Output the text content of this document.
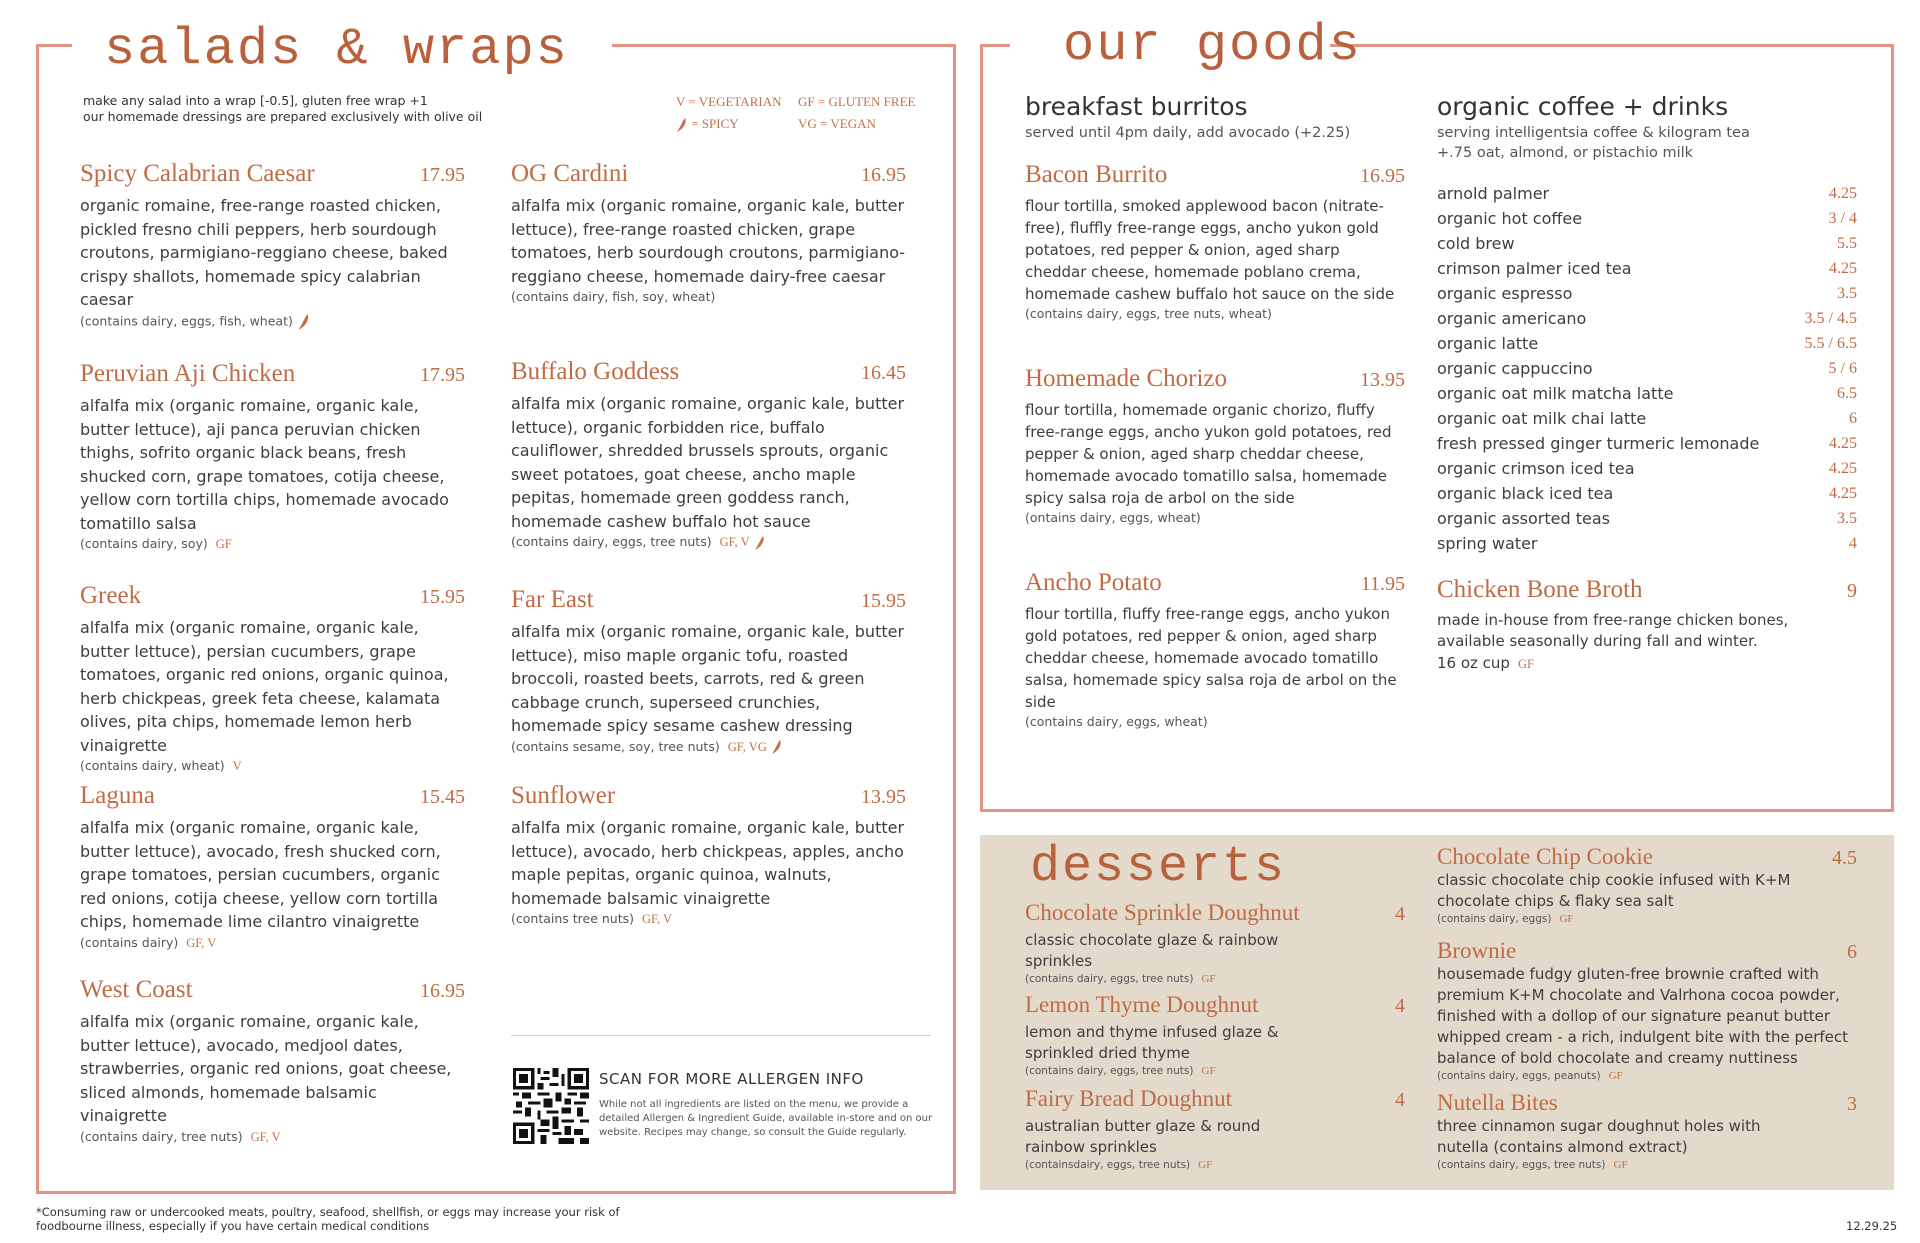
salads & wraps
make any salad into a wrap [-0.5], gluten free wrap +1
our homemade dressings are prepared exclusively with olive oil
V = VEGETARIAN GF = GLUTEN FREE
= SPICY	VG = VEGAN
Spicy Calabrian Caesar	17.95
organic romaine, free-range roasted chicken, pickled fresno chili peppers, herb sourdough croutons, parmigiano-reggiano cheese, baked crispy shallots, homemade spicy calabrian caesar
(contains dairy, eggs, fish, wheat)
Peruvian Aji Chicken	17.95
alfalfa mix (organic romaine, organic kale, butter lettuce), aji panca peruvian chicken thighs, sofrito organic black beans, fresh shucked corn, grape tomatoes, cotija cheese, yellow corn tortilla chips, homemade avocado tomatillo salsa
(contains dairy, soy) GF
Greek	15.95
alfalfa mix (organic romaine, organic kale, butter lettuce), persian cucumbers, grape tomatoes, organic red onions, organic quinoa, herb chickpeas, greek feta cheese, kalamata olives, pita chips, homemade lemon herb vinaigrette
(contains dairy, wheat) V
Laguna	15.45
alfalfa mix (organic romaine, organic kale, butter lettuce), avocado, fresh shucked corn, grape tomatoes, persian cucumbers, organic red onions, cotija cheese, yellow corn tortilla chips, homemade lime cilantro vinaigrette
(contains dairy) GF, V
West Coast	16.95
alfalfa mix (organic romaine, organic kale, butter lettuce), avocado, medjool dates, strawberries, organic red onions, goat cheese, sliced almonds, homemade balsamic vinaigrette
(contains dairy, tree nuts) GF, V
OG Cardini	16.95
alfalfa mix (organic romaine, organic kale, butter lettuce), free-range roasted chicken, grape tomatoes, herb sourdough croutons, parmigiano-reggiano cheese, homemade dairy-free caesar
(contains dairy, fish, soy, wheat)
Buffalo Goddess	16.45
alfalfa mix (organic romaine, organic kale, butter lettuce), organic forbidden rice, buffalo cauliflower, shredded brussels sprouts, organic sweet potatoes, goat cheese, ancho maple pepitas, homemade green goddess ranch, homemade cashew buffalo hot sauce
(contains dairy, eggs, tree nuts) GF, V
Far East	15.95
alfalfa mix (organic romaine, organic kale, butter lettuce), miso maple organic tofu, roasted broccoli, roasted beets, carrots, red & green cabbage crunch, superseed crunchies, homemade spicy sesame cashew dressing
(contains sesame, soy, tree nuts) GF, VG
Sunflower	13.95
alfalfa mix (organic romaine, organic kale, butter lettuce), avocado, herb chickpeas, apples, ancho maple pepitas, organic quinoa, walnuts, homemade balsamic vinaigrette
(contains tree nuts) GF, V
SCAN FOR MORE ALLERGEN INFO
While not all ingredients are listed on the menu, we provide a detailed Allergen & Ingredient Guide, available in-store and on our website. Recipes may change, so consult the Guide regularly.
our goods
breakfast burritos
served until 4pm daily, add avocado (+2.25)
Bacon Burrito	16.95
flour tortilla, smoked applewood bacon (nitrate-free), fluffly free-range eggs, ancho yukon gold potatoes, red pepper & onion, aged sharp cheddar cheese, homemade poblano crema, homemade cashew buffalo hot sauce on the side
(contains dairy, eggs, tree nuts, wheat)
Homemade Chorizo	13.95
flour tortilla, homemade organic chorizo, fluffy free-range eggs, ancho yukon gold potatoes, red pepper & onion, aged sharp cheddar cheese, homemade avocado tomatillo salsa, homemade spicy salsa roja de arbol on the side
(ontains dairy, eggs, wheat)
Ancho Potato	11.95
flour tortilla, fluffy free-range eggs, ancho yukon gold potatoes, red pepper & onion, aged sharp cheddar cheese, homemade avocado tomatillo salsa, homemade spicy salsa roja de arbol on the side
(contains dairy, eggs, wheat)
organic coffee + drinks
serving intelligentsia coffee & kilogram tea
+.75 oat, almond, or pistachio milk
arnold palmer	4.25
organic hot coffee	3 / 4
cold brew	5.5
crimson palmer iced tea	4.25
organic espresso	3.5
organic americano	3.5 / 4.5
organic latte	5.5 / 6.5
organic cappuccino	5 / 6
organic oat milk matcha latte	6.5
organic oat milk chai latte	6
fresh pressed ginger turmeric lemonade	4.25
organic crimson iced tea	4.25
organic black iced tea	4.25
organic assorted teas	3.5
spring water	4
Chicken Bone Broth	9
made in-house from free-range chicken bones, available seasonally during fall and winter.
16 oz cup GF
desserts
Chocolate Sprinkle Doughnut	4
classic chocolate glaze & rainbow sprinkles
(contains dairy, eggs, tree nuts) GF
Lemon Thyme Doughnut	4
lemon and thyme infused glaze & sprinkled dried thyme
(contains dairy, eggs, tree nuts) GF
Fairy Bread Doughnut	4
australian butter glaze & round rainbow sprinkles
(containsdairy, eggs, tree nuts) GF
Chocolate Chip Cookie	4.5
classic chocolate chip cookie infused with K+M chocolate chips & flaky sea salt
(contains dairy, eggs) GF
Brownie	6
housemade fudgy gluten-free brownie crafted with premium K+M chocolate and Valrhona cocoa powder, finished with a dollop of our signature peanut butter whipped cream - a rich, indulgent bite with the perfect balance of bold chocolate and creamy nuttiness
(contains dairy, eggs, peanuts) GF
Nutella Bites	3
three cinnamon sugar doughnut holes with nutella (contains almond extract)
(contains dairy, eggs, tree nuts) GF
*Consuming raw or undercooked meats, poultry, seafood, shellfish, or eggs may increase your risk of
foodbourne illness, especially if you have certain medical conditions	12.29.25
